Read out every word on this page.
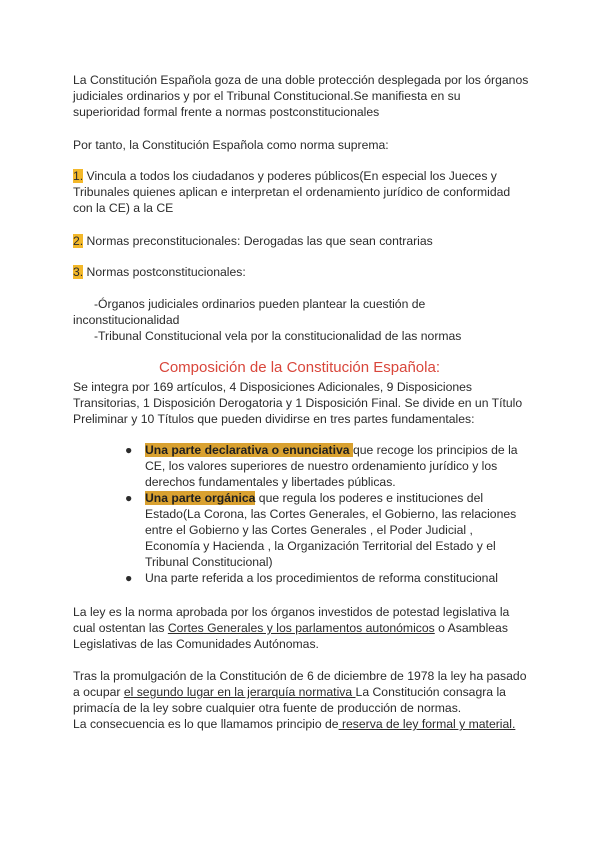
La Constitución Española goza de una doble protección desplegada por los órganos
judiciales ordinarios y por el Tribunal Constitucional.Se manifiesta en su
superioridad formal frente a normas postconstitucionales

Por tanto, la Constitución Española como norma suprema:

1. Vincula a todos los ciudadanos y poderes públicos(En especial los Jueces y
Tribunales quienes aplican e interpretan el ordenamiento jurídico de conformidad
con la CE) a la CE

2. Normas preconstitucionales: Derogadas las que sean contrarias

3. Normas postconstitucionales:

-Órganos judiciales ordinarios pueden plantear la cuestión de
inconstitucionalidad
-Tribunal Constitucional vela por la constitucionalidad de las normas

Composición de la Constitución Española:

Se integra por 169 artículos, 4 Disposiciones Adicionales, 9 Disposiciones
Transitorias, 1 Disposición Derogatoria y 1 Disposición Final. Se divide en un Título
Preliminar y 10 Títulos que pueden dividirse en tres partes fundamentales:

● Una parte declarativa o enunciativa que recoge los principios de la
CE, los valores superiores de nuestro ordenamiento jurídico y los
derechos fundamentales y libertades públicas.
● Una parte orgánica que regula los poderes e instituciones del
Estado(La Corona, las Cortes Generales, el Gobierno, las relaciones
entre el Gobierno y las Cortes Generales , el Poder Judicial ,
Economía y Hacienda , la Organización Territorial del Estado y el
Tribunal Constitucional)
● Una parte referida a los procedimientos de reforma constitucional

La ley es la norma aprobada por los órganos investidos de potestad legislativa la
cual ostentan las Cortes Generales y los parlamentos autonómicos o Asambleas
Legislativas de las Comunidades Autónomas.

Tras la promulgación de la Constitución de 6 de diciembre de 1978 la ley ha pasado
a ocupar el segundo lugar en la jerarquía normativa La Constitución consagra la
primacía de la ley sobre cualquier otra fuente de producción de normas.
La consecuencia es lo que llamamos principio de reserva de ley formal y material.
